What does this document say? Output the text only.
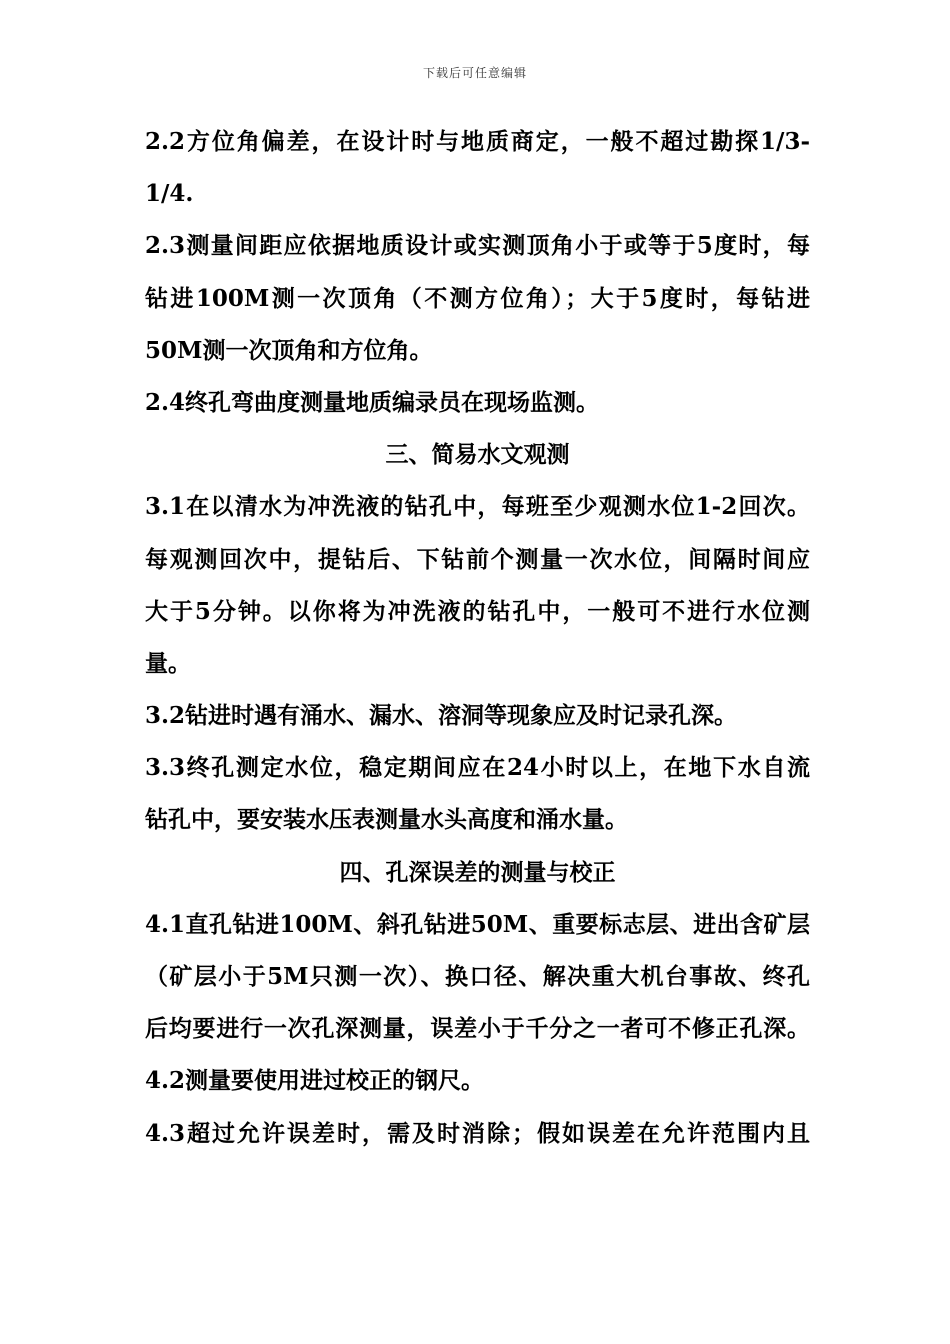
下载后可任意编辑
2.2方位角偏差，在设计时与地质商定，一般不超过勘探1/3-
1/4.
2.3测量间距应依据地质设计或实测顶角小于或等于5度时，每
钻进100M测一次顶角（不测方位角）；大于5度时，每钻进
50M测一次顶角和方位角。
2.4终孔弯曲度测量地质编录员在现场监测。
三、简易水文观测
3.1在以清水为冲洗液的钻孔中，每班至少观测水位1-2回次。
每观测回次中，提钻后、下钻前个测量一次水位，间隔时间应
大于5分钟。以你将为冲洗液的钻孔中，一般可不进行水位测
量。
3.2钻进时遇有涌水、漏水、溶洞等现象应及时记录孔深。
3.3终孔测定水位，稳定期间应在24小时以上，在地下水自流
钻孔中，要安装水压表测量水头高度和涌水量。
四、孔深误差的测量与校正
4.1直孔钻进100M、斜孔钻进50M、重要标志层、进出含矿层
（矿层小于5M只测一次）、换口径、解决重大机台事故、终孔
后均要进行一次孔深测量，误差小于千分之一者可不修正孔深。
4.2测量要使用进过校正的钢尺。
4.3超过允许误差时，需及时消除；假如误差在允许范围内且
